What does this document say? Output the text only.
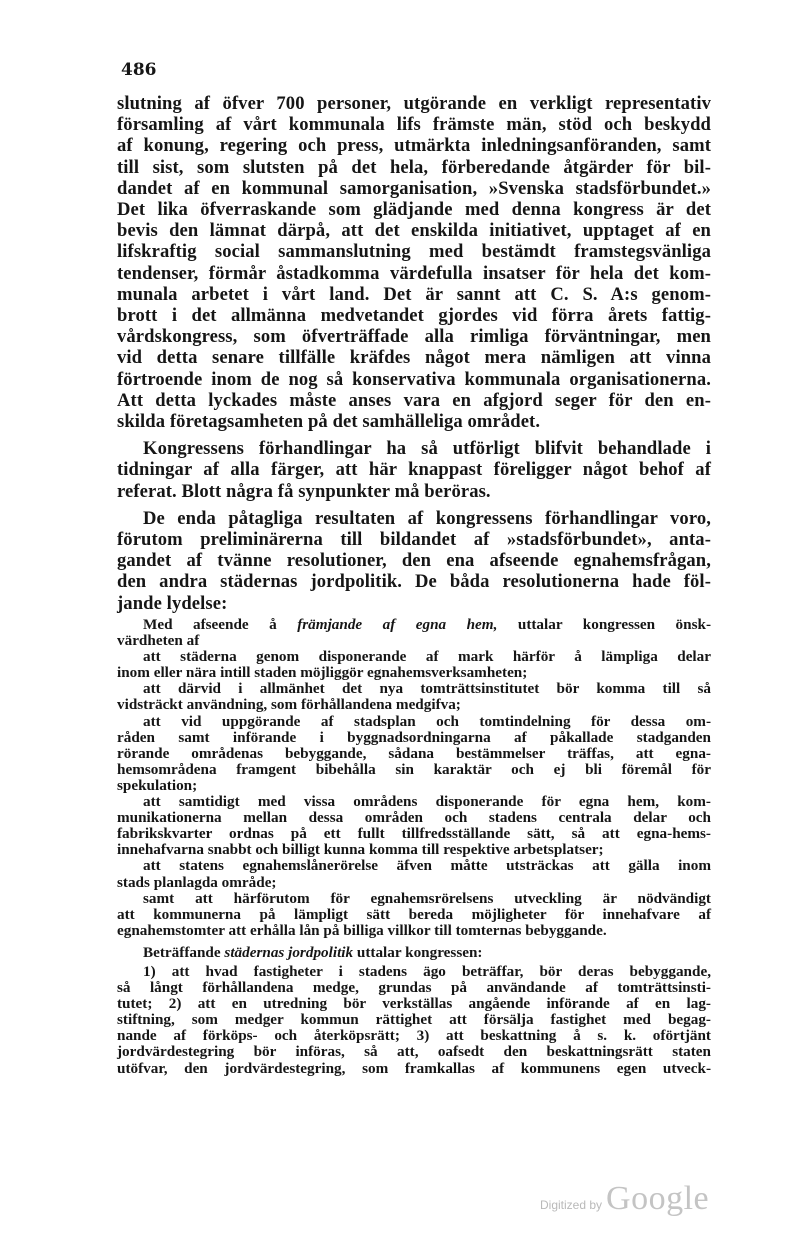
486
slutning af öfver 700 personer, utgörande en verkligt representativ
församling af vårt kommunala lifs främste män, stöd och beskydd
af konung, regering och press, utmärkta inledningsanföranden, samt
till sist, som slutsten på det hela, förberedande åtgärder för bil-
dandet af en kommunal samorganisation, »Svenska stadsförbundet.»
Det lika öfverraskande som glädjande med denna kongress är det
bevis den lämnat därpå, att det enskilda initiativet, upptaget af en
lifskraftig social sammanslutning med bestämdt framstegsvänliga
tendenser, förmår åstadkomma värdefulla insatser för hela det kom-
munala arbetet i vårt land. Det är sannt att C. S. A:s genom-
brott i det allmänna medvetandet gjordes vid förra årets fattig-
vårdskongress, som öfverträffade alla rimliga förväntningar, men
vid detta senare tillfälle kräfdes något mera nämligen att vinna
förtroende inom de nog så konservativa kommunala organisationerna.
Att detta lyckades måste anses vara en afgjord seger för den en-
skilda företagsamheten på det samhälleliga området.
Kongressens förhandlingar ha så utförligt blifvit behandlade i
tidningar af alla färger, att här knappast föreligger något behof af
referat. Blott några få synpunkter må beröras.
De enda påtagliga resultaten af kongressens förhandlingar voro,
förutom preliminärerna till bildandet af »stadsförbundet», anta-
gandet af tvänne resolutioner, den ena afseende egnahemsfrågan,
den andra städernas jordpolitik. De båda resolutionerna hade föl-
jande lydelse:
Med afseende å främjande af egna hem, uttalar kongressen önsk-
värdheten af
att städerna genom disponerande af mark härför å lämpliga delar
inom eller nära intill staden möjliggör egnahemsverksamheten;
att därvid i allmänhet det nya tomträttsinstitutet bör komma till så
vidsträckt användning, som förhållandena medgifva;
att vid uppgörande af stadsplan och tomtindelning för dessa om-
råden samt införande i byggnadsordningarna af påkallade stadganden
rörande områdenas bebyggande, sådana bestämmelser träffas, att egna-
hemsområdena framgent bibehålla sin karaktär och ej bli föremål för
spekulation;
att samtidigt med vissa områdens disponerande för egna hem, kom-
munikationerna mellan dessa områden och stadens centrala delar och
fabrikskvarter ordnas på ett fullt tillfredsställande sätt, så att egna-hems-
innehafvarna snabbt och billigt kunna komma till respektive arbetsplatser;
att statens egnahemslånerörelse äfven måtte utsträckas att gälla inom
stads planlagda område;
samt att härförutom för egnahemsrörelsens utveckling är nödvändigt
att kommunerna på lämpligt sätt bereda möjligheter för innehafvare af
egnahemstomter att erhålla lån på billiga villkor till tomternas bebyggande.
Beträffande städernas jordpolitik uttalar kongressen:
1) att hvad fastigheter i stadens ägo beträffar, bör deras bebyggande,
så långt förhållandena medge, grundas på användande af tomträttsinsti-
tutet; 2) att en utredning bör verkställas angående införande af en lag-
stiftning, som medger kommun rättighet att försälja fastighet med begag-
nande af förköps- och återköpsrätt; 3) att beskattning å s. k. oförtjänt
jordvärdestegring bör införas, så att, oafsedt den beskattningsrätt staten
utöfvar, den jordvärdestegring, som framkallas af kommunens egen utveck-
Digitized by Google
